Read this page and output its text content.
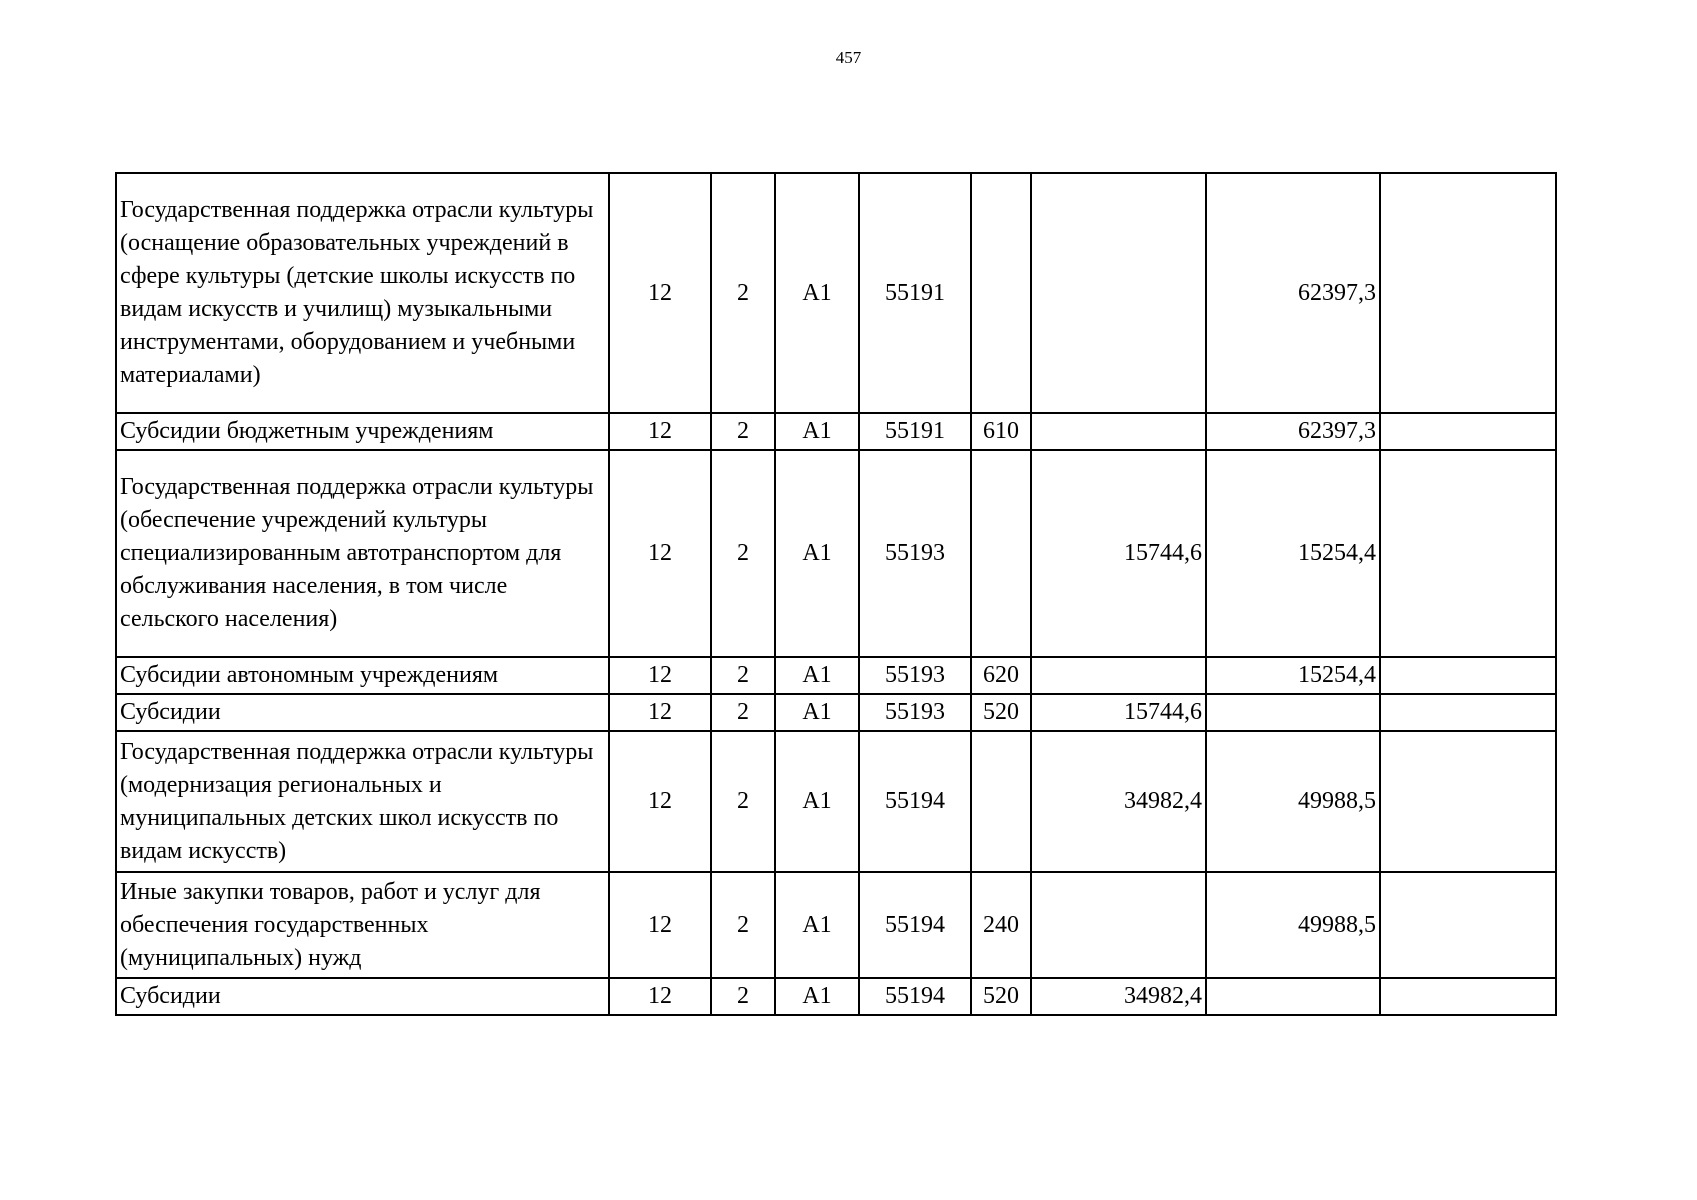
457
Государственная поддержка отрасли культуры (оснащение образовательных учреждений в сфере культуры (детские школы искусств по видам искусств и училищ) музыкальными инструментами, оборудованием и учебными материалами)	12	2	А1	55191			62397,3	
Субсидии бюджетным учреждениям	12	2	А1	55191	610		62397,3	
Государственная поддержка отрасли культуры (обеспечение учреждений культуры специализированным автотранспортом для обслуживания населения, в том числе сельского населения)	12	2	А1	55193		15744,6	15254,4	
Субсидии автономным учреждениям	12	2	А1	55193	620		15254,4	
Субсидии	12	2	А1	55193	520	15744,6		
Государственная поддержка отрасли культуры (модернизация региональных и муниципальных детских школ искусств по видам искусств)	12	2	А1	55194		34982,4	49988,5	
Иные закупки товаров, работ и услуг для обеспечения государственных (муниципальных) нужд	12	2	А1	55194	240		49988,5	
Субсидии	12	2	А1	55194	520	34982,4		
